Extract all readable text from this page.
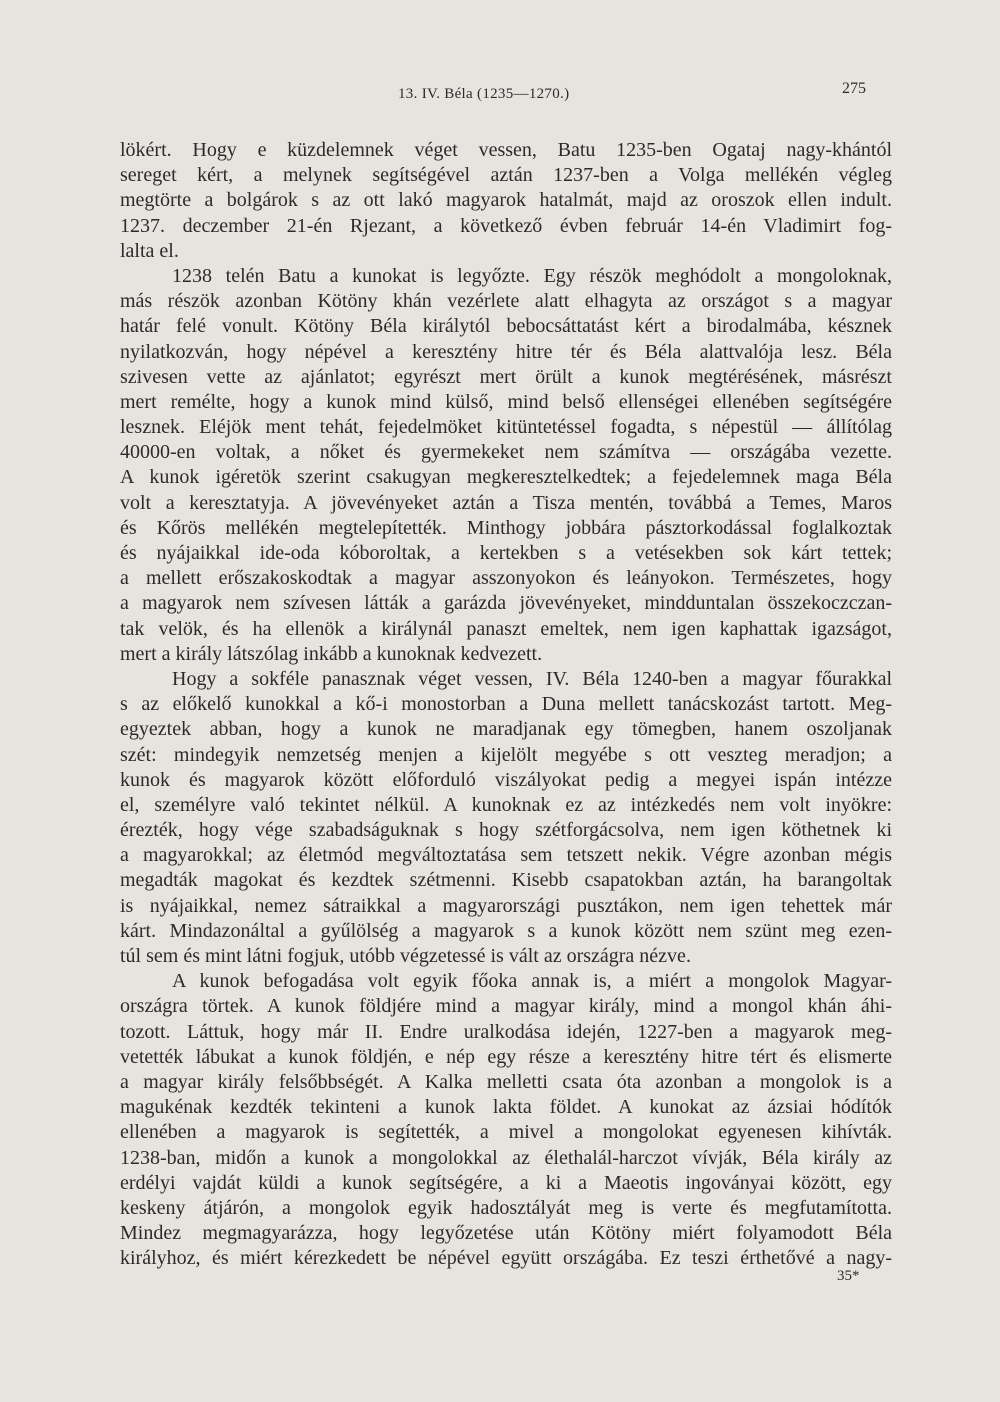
13. IV. Béla (1235—1270.)	275
lökért. Hogy e küzdelemnek véget vessen, Batu 1235-ben Ogataj nagy-khántól
sereget kért, a melynek segítségével aztán 1237-ben a Volga mellékén végleg
megtörte a bolgárok s az ott lakó magyarok hatalmát, majd az oroszok ellen indult.
1237. deczember 21-én Rjezant, a következő évben február 14-én Vladimirt fog-
lalta el.
1238 telén Batu a kunokat is legyőzte. Egy részök meghódolt a mongoloknak,
más részök azonban Kötöny khán vezérlete alatt elhagyta az országot s a magyar
határ felé vonult. Kötöny Béla királytól bebocsáttatást kért a birodalmába, késznek
nyilatkozván, hogy népével a keresztény hitre tér és Béla alattvalója lesz. Béla
szivesen vette az ajánlatot; egyrészt mert örült a kunok megtérésének, másrészt
mert remélte, hogy a kunok mind külső, mind belső ellenségei ellenében segítségére
lesznek. Eléjök ment tehát, fejedelmöket kitüntetéssel fogadta, s népestül — állítólag
40000-en voltak, a nőket és gyermekeket nem számítva — országába vezette.
A kunok igéretök szerint csakugyan megkeresztelkedtek; a fejedelemnek maga Béla
volt a keresztatyja. A jövevényeket aztán a Tisza mentén, továbbá a Temes, Maros
és Kőrös mellékén megtelepítették. Minthogy jobbára pásztorkodással foglalkoztak
és nyájaikkal ide-oda kóboroltak, a kertekben s a vetésekben sok kárt tettek;
a mellett erőszakoskodtak a magyar asszonyokon és leányokon. Természetes, hogy
a magyarok nem szívesen látták a garázda jövevényeket, mindduntalan összekoczczan-
tak velök, és ha ellenök a királynál panaszt emeltek, nem igen kaphattak igazságot,
mert a király látszólag inkább a kunoknak kedvezett.
Hogy a sokféle panasznak véget vessen, IV. Béla 1240-ben a magyar főurakkal
s az előkelő kunokkal a kő-i monostorban a Duna mellett tanácskozást tartott. Meg-
egyeztek abban, hogy a kunok ne maradjanak egy tömegben, hanem oszoljanak
szét: mindegyik nemzetség menjen a kijelölt megyébe s ott veszteg meradjon; a
kunok és magyarok között előforduló viszályokat pedig a megyei ispán intézze
el, személyre való tekintet nélkül. A kunoknak ez az intézkedés nem volt inyökre:
érezték, hogy vége szabadságuknak s hogy szétforgácsolva, nem igen köthetnek ki
a magyarokkal; az életmód megváltoztatása sem tetszett nekik. Végre azonban mégis
megadták magokat és kezdtek szétmenni. Kisebb csapatokban aztán, ha barangoltak
is nyájaikkal, nemez sátraikkal a magyarországi pusztákon, nem igen tehettek már
kárt. Mindazonáltal a gyűlölség a magyarok s a kunok között nem szünt meg ezen-
túl sem és mint látni fogjuk, utóbb végzetessé is vált az országra nézve.
A kunok befogadása volt egyik főoka annak is, a miért a mongolok Magyar-
országra törtek. A kunok földjére mind a magyar király, mind a mongol khán áhi-
tozott. Láttuk, hogy már II. Endre uralkodása idején, 1227-ben a magyarok meg-
vetették lábukat a kunok földjén, e nép egy része a keresztény hitre tért és elismerte
a magyar király felsőbbségét. A Kalka melletti csata óta azonban a mongolok is a
magukénak kezdték tekinteni a kunok lakta földet. A kunokat az ázsiai hódítók
ellenében a magyarok is segítették, a mivel a mongolokat egyenesen kihívták.
1238-ban, midőn a kunok a mongolokkal az élethalál-harczot vívják, Béla király az
erdélyi vajdát küldi a kunok segítségére, a ki a Maeotis ingoványai között, egy
keskeny átjárón, a mongolok egyik hadosztályát meg is verte és megfutamította.
Mindez megmagyarázza, hogy legyőzetése után Kötöny miért folyamodott Béla
királyhoz, és miért kérezkedett be népével együtt országába. Ez teszi érthetővé a nagy-
35*
